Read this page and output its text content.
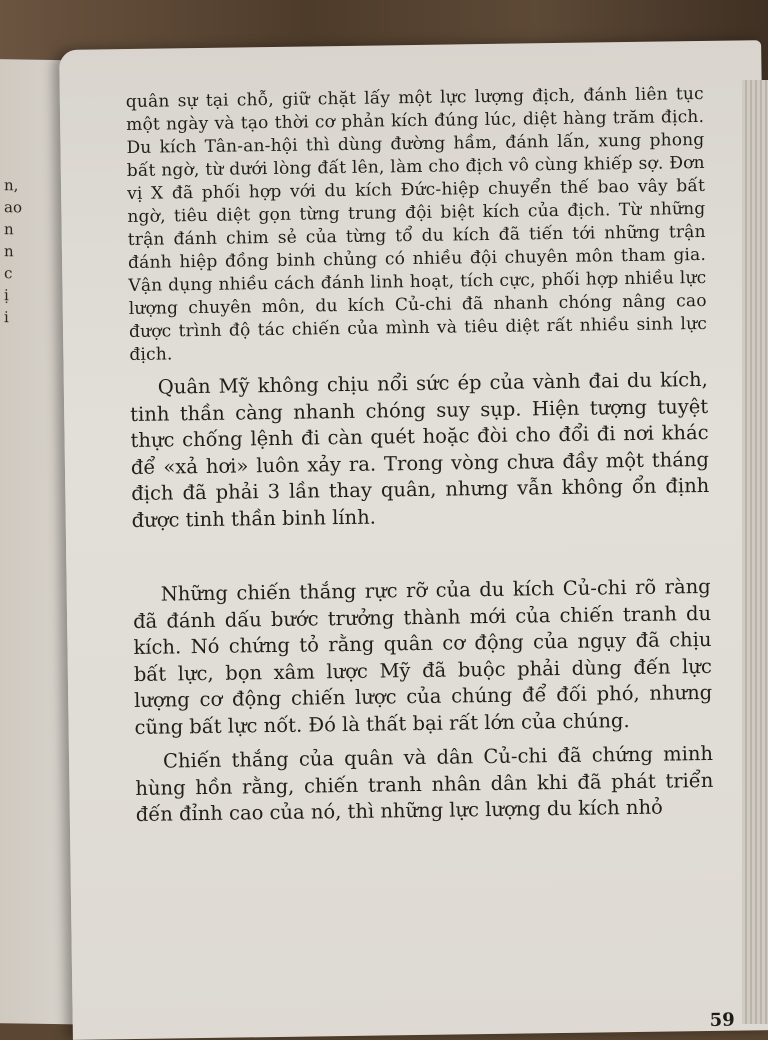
n,
ao
n
n
c
ị
i

quân sự tại chỗ, giữ chặt lấy một lực lượng địch, đánh liên tục một ngày và tạo thời cơ phản kích đúng lúc, diệt hàng trăm địch. Du kích Tân-an-hội thì dùng đường hầm, đánh lấn, xung phong bất ngờ, từ dưới lòng đất lên, làm cho địch vô cùng khiếp sợ. Đơn vị X đã phối hợp với du kích Đức-hiệp chuyển thế bao vây bất ngờ, tiêu diệt gọn từng trung đội biệt kích của địch. Từ những trận đánh chim sẻ của từng tổ du kích đã tiến tới những trận đánh hiệp đồng binh chủng có nhiều đội chuyên môn tham gia. Vận dụng nhiều cách đánh linh hoạt, tích cực, phối hợp nhiều lực lượng chuyên môn, du kích Củ-chi đã nhanh chóng nâng cao được trình độ tác chiến của mình và tiêu diệt rất nhiều sinh lực địch.

Quân Mỹ không chịu nổi sức ép của vành đai du kích, tinh thần càng nhanh chóng suy sụp. Hiện tượng tuyệt thực chống lệnh đi càn quét hoặc đòi cho đổi đi nơi khác để «xả hơi» luôn xảy ra. Trong vòng chưa đầy một tháng địch đã phải 3 lần thay quân, nhưng vẫn không ổn định được tinh thần binh lính.

Những chiến thắng rực rỡ của du kích Củ-chi rõ ràng đã đánh dấu bước trưởng thành mới của chiến tranh du kích. Nó chứng tỏ rằng quân cơ động của ngụy đã chịu bất lực, bọn xâm lược Mỹ đã buộc phải dùng đến lực lượng cơ động chiến lược của chúng để đối phó, nhưng cũng bất lực nốt. Đó là thất bại rất lớn của chúng.

Chiến thắng của quân và dân Củ-chi đã chứng minh hùng hồn rằng, chiến tranh nhân dân khi đã phát triển đến đỉnh cao của nó, thì những lực lượng du kích nhỏ

59
